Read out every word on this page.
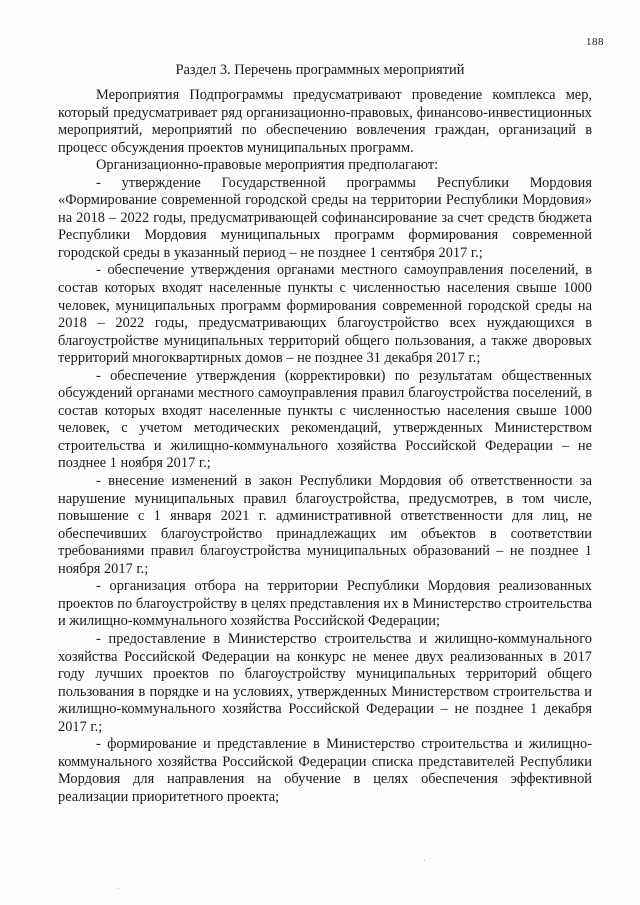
188
Раздел 3. Перечень программных мероприятий

Мероприятия Подпрограммы предусматривают проведение комплекса мер, который предусматривает ряд организационно-правовых, финансово-инвестиционных мероприятий, мероприятий по обеспечению вовлечения граждан, организаций в процесс обсуждения проектов муниципальных программ.

Организационно-правовые мероприятия предполагают:

- утверждение Государственной программы Республики Мордовия «Формирование современной городской среды на территории Республики Мордовия» на 2018 – 2022 годы, предусматривающей софинансирование за счет средств бюджета Республики Мордовия муниципальных программ формирования современной городской среды в указанный период – не позднее 1 сентября 2017 г.;

- обеспечение утверждения органами местного самоуправления поселений, в состав которых входят населенные пункты с численностью населения свыше 1000 человек, муниципальных программ формирования современной городской среды на 2018 – 2022 годы, предусматривающих благоустройство всех нуждающихся в благоустройстве муниципальных территорий общего пользования, а также дворовых территорий многоквартирных домов – не позднее 31 декабря 2017 г.;

- обеспечение утверждения (корректировки) по результатам общественных обсуждений органами местного самоуправления правил благоустройства поселений, в состав которых входят населенные пункты с численностью населения свыше 1000 человек, с учетом методических рекомендаций, утвержденных Министерством строительства и жилищно-коммунального хозяйства Российской Федерации – не позднее 1 ноября 2017 г.;

- внесение изменений в закон Республики Мордовия об ответственности за нарушение муниципальных правил благоустройства, предусмотрев, в том числе, повышение с 1 января 2021 г. административной ответственности для лиц, не обеспечивших благоустройство принадлежащих им объектов в соответствии требованиями правил благоустройства муниципальных образований – не позднее 1 ноября 2017 г.;

- организация отбора на территории Республики Мордовия реализованных проектов по благоустройству в целях представления их в Министерство строительства и жилищно-коммунального хозяйства Российской Федерации;

- предоставление в Министерство строительства и жилищно-коммунального хозяйства Российской Федерации на конкурс не менее двух реализованных в 2017 году лучших проектов по благоустройству муниципальных территорий общего пользования в порядке и на условиях, утвержденных Министерством строительства и жилищно-коммунального хозяйства Российской Федерации – не позднее 1 декабря 2017 г.;

- формирование и представление в Министерство строительства и жилищно-коммунального хозяйства Российской Федерации списка представителей Республики Мордовия для направления на обучение в целях обеспечения эффективной реализации приоритетного проекта;
